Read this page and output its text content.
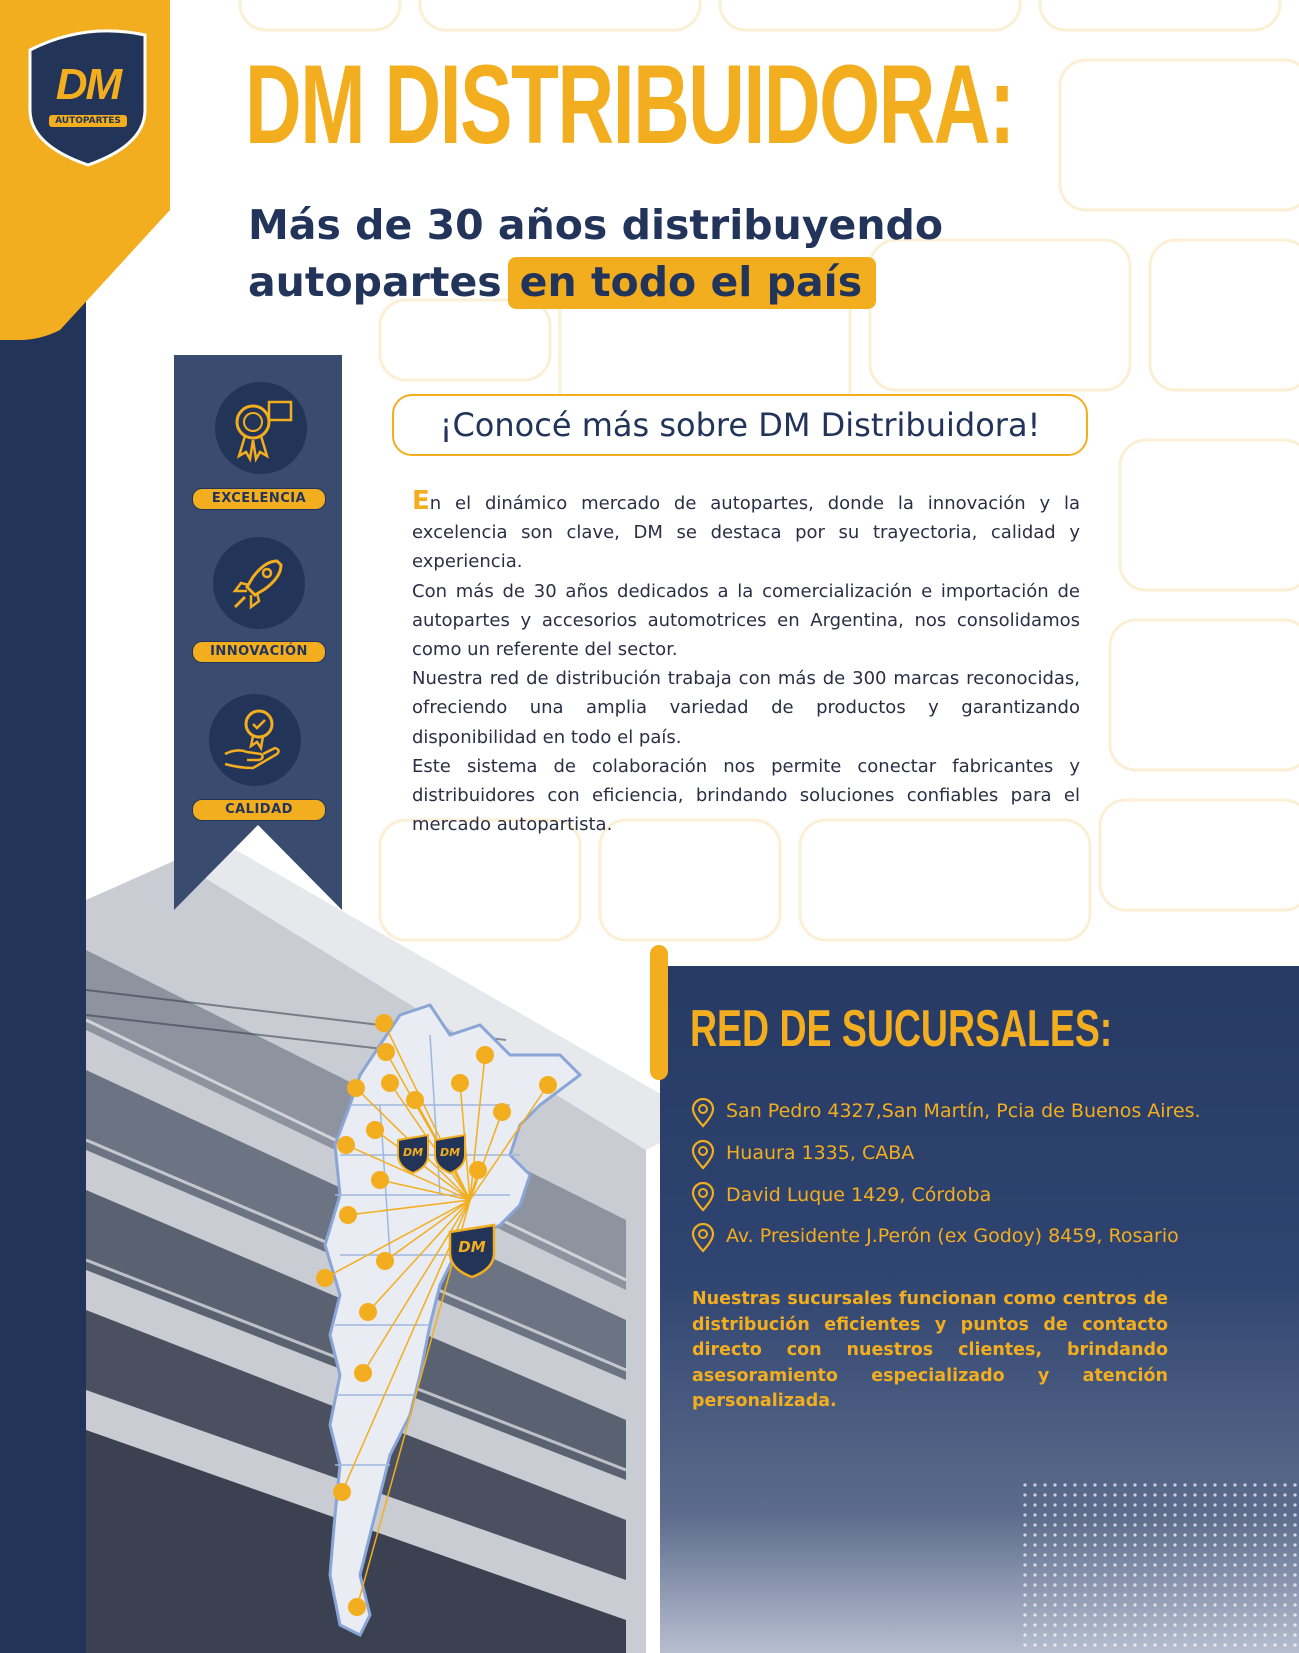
DM
AUTOPARTES DM DISTRIBUIDORA:
Más de 30 años distribuyendo
autopartes en todo el país
EXCELENCIA
INNOVACIÓN
CALIDAD
¡Conocé más sobre DM Distribuidora!

En el dinámico mercado de autopartes, donde la innovación y la excelencia son clave, DM se destaca por su trayectoria, calidad y experiencia.

Con más de 30 años dedicados a la comercialización e importación de autopartes y accesorios automotrices en Argentina, nos consolidamos como un referente del sector.

Nuestra red de distribución trabaja con más de 300 marcas reconocidas, ofreciendo una amplia variedad de productos y garantizando disponibilidad en todo el país.

Este sistema de colaboración nos permite conectar fabricantes y distribuidores con eficiencia, brindando soluciones confiables para el mercado autopartista.

RED DE SUCURSALES:
San Pedro 4327,San Martín, Pcia de Buenos Aires.
Huaura 1335, CABA
David Luque 1429, Córdoba
Av. Presidente J.Perón (ex Godoy) 8459, Rosario
Nuestras sucursales funcionan como centros de distribución eficientes y puntos de contacto directo con nuestros clientes, brindando asesoramiento especializado y atención personalizada.
DM	DM
DM
